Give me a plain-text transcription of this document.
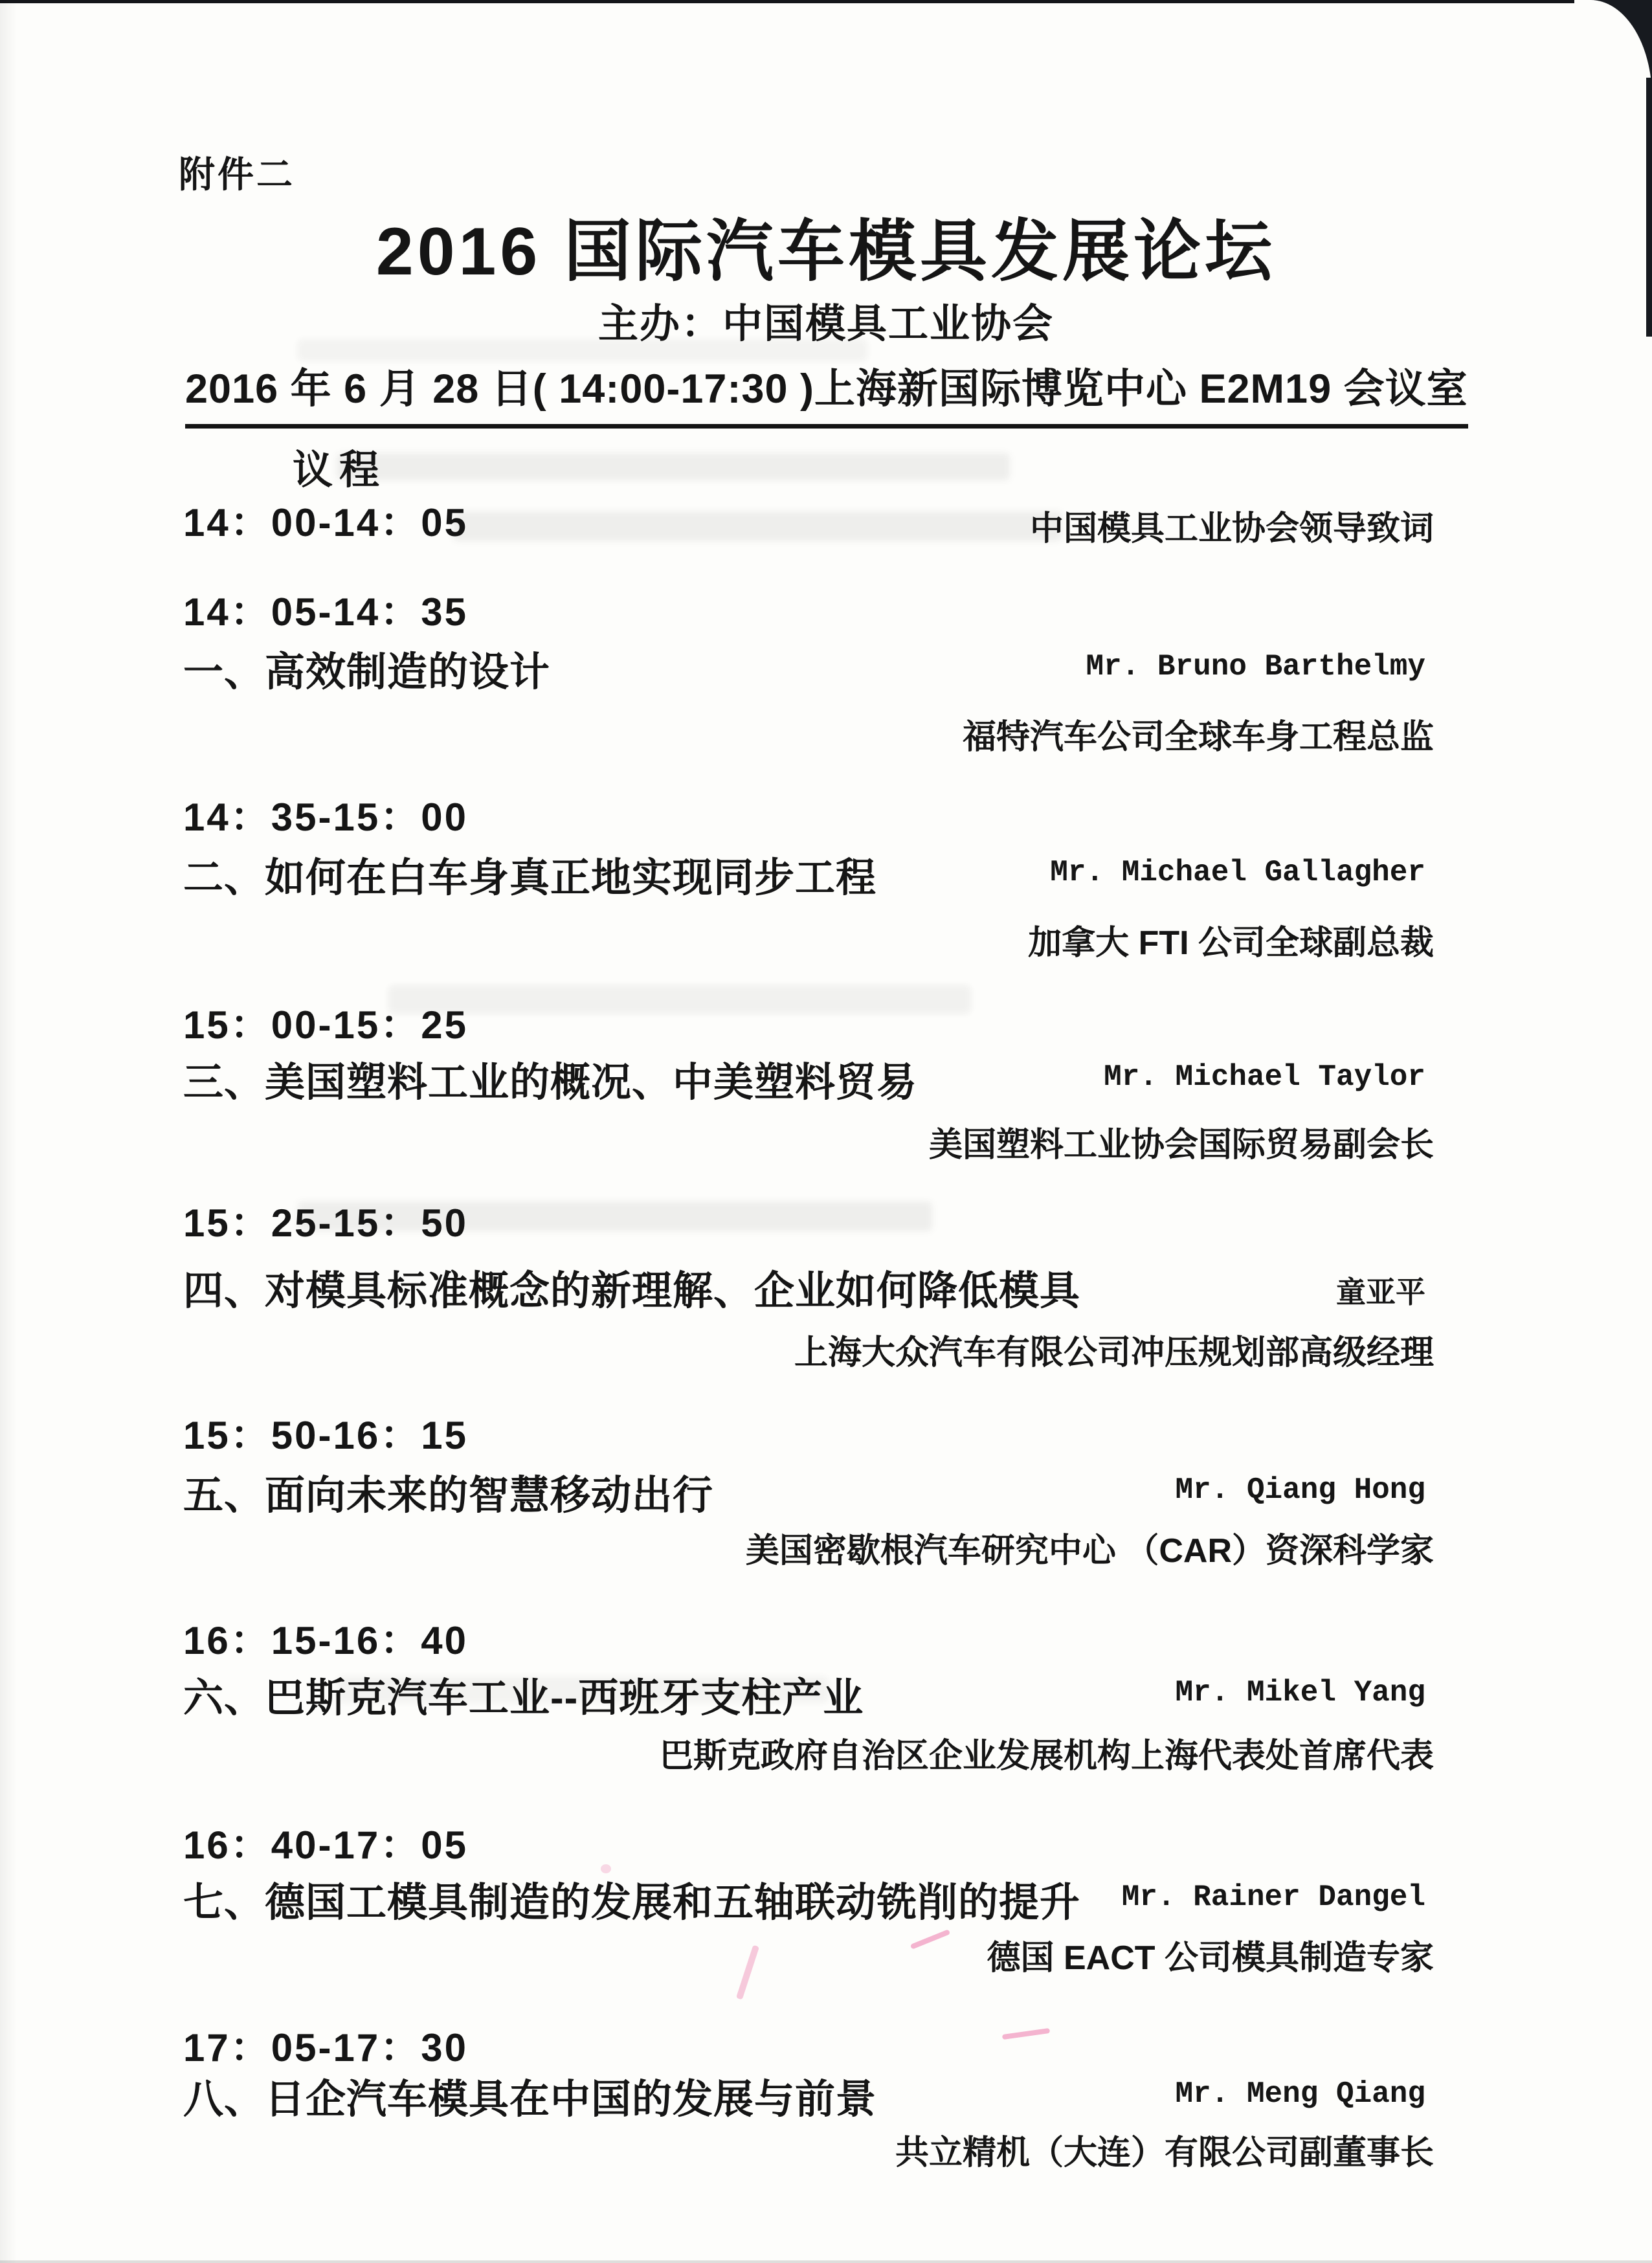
附件二
2016 国际汽车模具发展论坛
主办：中国模具工业协会
2016 年 6 月 28 日( 14:00-17:30 )上海新国际博览中心 E2M19 会议室
议程
14：00-14：05	中国模具工业协会领导致词
14：05-14：35
一、高效制造的设计	Mr. Bruno Barthelmy
福特汽车公司全球车身工程总监
14：35-15：00
二、如何在白车身真正地实现同步工程	Mr. Michael Gallagher
加拿大 FTI 公司全球副总裁
15：00-15：25
三、美国塑料工业的概况、中美塑料贸易	Mr. Michael Taylor
美国塑料工业协会国际贸易副会长
15：25-15：50
四、对模具标准概念的新理解、企业如何降低模具	童亚平
上海大众汽车有限公司冲压规划部高级经理
15：50-16：15
五、面向未来的智慧移动出行	Mr. Qiang Hong
美国密歇根汽车研究中心 （CAR）资深科学家
16：15-16：40
六、巴斯克汽车工业--西班牙支柱产业	Mr. Mikel Yang
巴斯克政府自治区企业发展机构上海代表处首席代表
16：40-17：05
七、德国工模具制造的发展和五轴联动铣削的提升 Mr. Rainer Dangel
德国 EACT 公司模具制造专家
17：05-17：30
八、日企汽车模具在中国的发展与前景	Mr. Meng Qiang
共立精机（大连）有限公司副董事长
